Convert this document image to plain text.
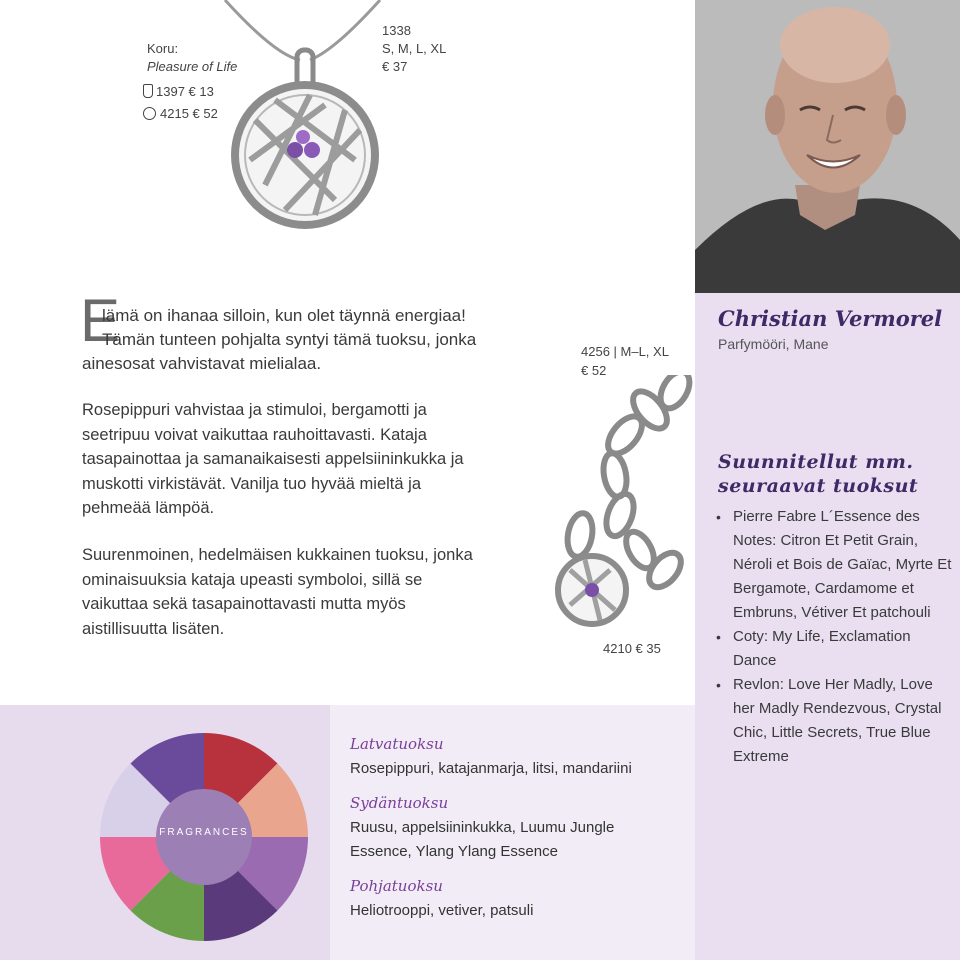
Christian Vermorel
Parfymööri, Mane
Suunnitellut mm. seuraavat tuoksut
• Pierre Fabre L´Essence des Notes: Citron Et Petit Grain, Néroli et Bois de Gaïac, Myrte Et Bergamote, Cardamome et Embruns, Vétiver Et patchouli
• Coty: My Life, Exclamation Dance
• Revlon: Love Her Madly, Love her Madly Rendezvous, Crystal Chic, Little Secrets, True Blue Extreme
Koru:
Pleasure of Life
1397 € 13
4215 € 52
1338
S, M, L, XL
€ 37
E
lämä on ihanaa silloin, kun olet täynnä energiaa!
Tämän tunteen pohjalta syntyi tämä tuoksu, jonka
ainesosat vahvistavat mielialaa.

Rosepippuri vahvistaa ja stimuloi, bergamotti ja seetripuu voivat vaikuttaa rauhoittavasti. Kataja tasapainottaa ja samanaikaisesti appelsiininkukka ja muskotti virkistävät. Vanilja tuo hyvää mieltä ja pehmeää lämpöä.

Suurenmoinen, hedelmäisen kukkainen tuoksu, jonka ominaisuuksia kataja upeasti symboloi, sillä se vaikuttaa sekä tasapainottavasti mutta myös aistillisuutta lisäten.

4256 | M–L, XL
€ 52
4210 € 35
FRAGRANCES
Latvatuoksu
Rosepippuri, katajanmarja, litsi, mandariini
Sydäntuoksu
Ruusu, appelsiininkukka, Luumu Jungle Essence, Ylang Ylang Essence
Pohjatuoksu
Heliotrooppi, vetiver, patsuli
